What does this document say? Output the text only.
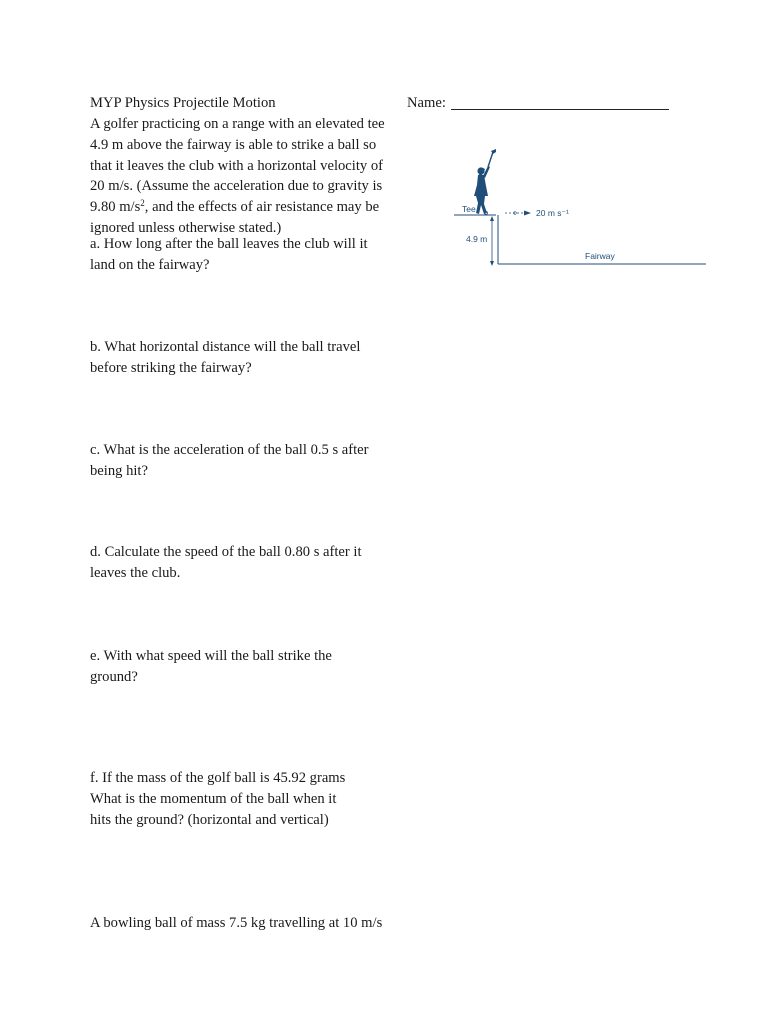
MYP Physics Projectile Motion	Name:

A golfer practicing on a range with an elevated tee
4.9 m above the fairway is able to strike a ball so
that it leaves the club with a horizontal velocity of
20 m/s. (Assume the acceleration due to gravity is
9.80 $m/s^2$, and the effects of air resistance may be
ignored unless otherwise stated.)
a. How long after the ball leaves the club will it
land on the fairway?
b. What horizontal distance will the ball travel
before striking the fairway?
c. What is the acceleration of the ball 0.5 s after
being hit?
d. Calculate the speed of the ball 0.80 s after it
leaves the club.
e. With what speed will the ball strike the
ground?
f. If the mass of the golf ball is 45.92 grams
What is the momentum of the ball when it
hits the ground? (horizontal and vertical)
A bowling ball of mass 7.5 kg travelling at 10 m/s
Tee	20 m s⁻¹
4.9 m
Fairway
